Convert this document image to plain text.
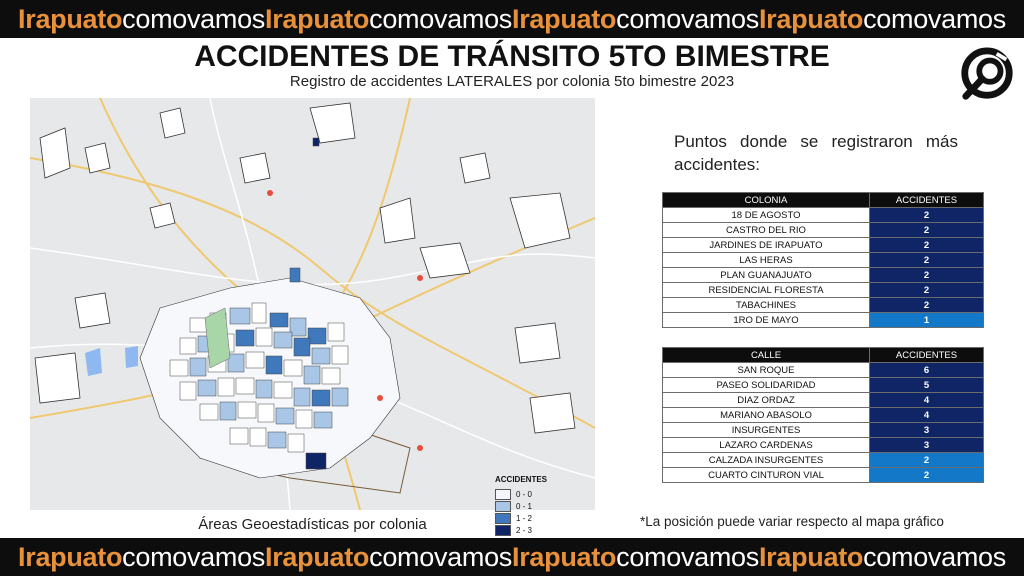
Irapuato comovamos Irapuato comovamos Irapuato comovamos Irapuato comovamos
ACCIDENTES DE TRÁNSITO 5TO BIMESTRE
Registro de accidentes LATERALES por colonia 5to bimestre 2023
ACCIDENTES
0 - 0
0 - 1
1 - 2
2 - 3
Áreas Geoestadísticas por colonia
Puntos donde se registraron más accidentes:
COLONIA	ACCIDENTES
18 DE AGOSTO	2
CASTRO DEL RIO	2
JARDINES DE IRAPUATO	2
LAS HERAS	2
PLAN GUANAJUATO	2
RESIDENCIAL FLORESTA	2
TABACHINES	2
1RO DE MAYO	1
CALLE	ACCIDENTES
SAN ROQUE	6
PASEO SOLIDARIDAD	5
DIAZ ORDAZ	4
MARIANO ABASOLO	4
INSURGENTES	3
LAZARO CARDENAS	3
CALZADA INSURGENTES	2
CUARTO CINTURON VIAL	2
*La posición puede variar respecto al mapa gráfico
Irapuato comovamos Irapuato comovamos Irapuato comovamos Irapuato comovamos
